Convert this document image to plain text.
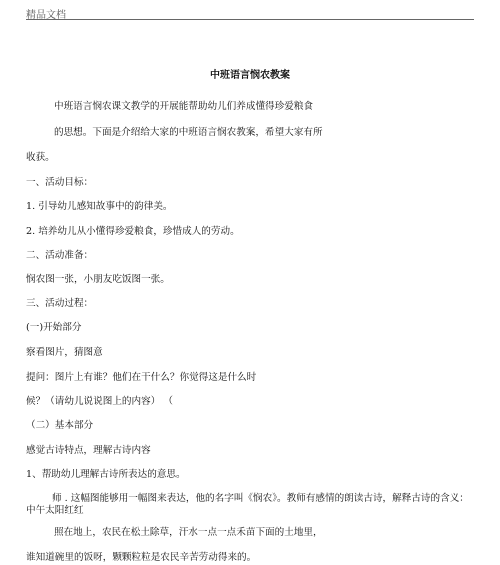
精品文档
中班语言悯农教案
中班语言悯农课文教学的开展能帮助幼儿们养成懂得珍爱粮食
的思想。下面是介绍给大家的中班语言悯农教案，希望大家有所
收获。
一、活动目标：
1. 引导幼儿感知故事中的韵律美。
2. 培养幼儿从小懂得珍爱粮食，珍惜成人的劳动。
二、活动准备：
悯农图一张，小朋友吃饭图一张。
三、活动过程：
(一)开始部分
察看图片，猜图意
提问：图片上有谁？他们在干什么？你觉得这是什么时
候？（请幼儿说说图上的内容） （
（二）基本部分
感觉古诗特点，理解古诗内容
1、帮助幼儿理解古诗所表达的意思。
师 . 这幅图能够用一幅图来表达，他的名字叫《悯农》。教师有感情的朗读古诗，解释古诗的含义：中午太阳红红
照在地上，农民在松土除草，汗水一点一点禾苗下面的土地里，
谁知道碗里的饭呀，颗颗粒粒是农民辛苦劳动得来的。
